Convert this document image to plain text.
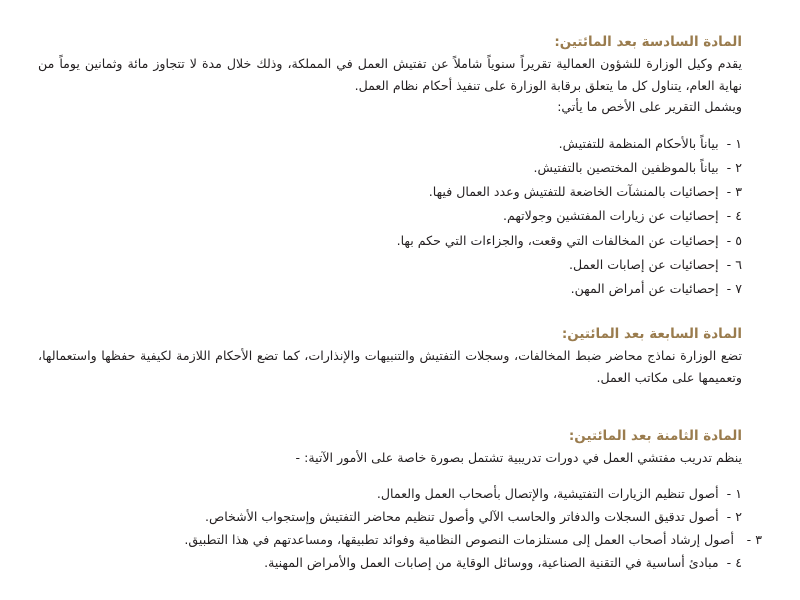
المادة السادسة بعد المائتين:

يقدم وكيل الوزارة للشؤون العمالية تقريراً سنوياً شاملاً عن تفتيش العمل في المملكة، وذلك خلال مدة لا تتجاوز مائة وثمانين يوماً من نهاية العام، يتناول كل ما يتعلق برقابة الوزارة على تنفيذ أحكام نظام العمل.
ويشمل التقرير على الأخص ما يأتي:

١ - بياناً بالأحكام المنظمة للتفتيش.
٢ - بياناً بالموظفين المختصين بالتفتيش.
٣ - إحصائيات بالمنشآت الخاضعة للتفتيش وعدد العمال فيها.
٤ - إحصائيات عن زيارات المفتشين وجولاتهم.
٥ - إحصائيات عن المخالفات التي وقعت، والجزاءات التي حكم بها.
٦ - إحصائيات عن إصابات العمل.
٧ - إحصائيات عن أمراض المهن.
المادة السابعة بعد المائتين:

تضع الوزارة نماذج محاضر ضبط المخالفات، وسجلات التفتيش والتنبيهات والإنذارات، كما تضع الأحكام اللازمة لكيفية حفظها واستعمالها، وتعميمها على مكاتب العمل.

المادة الثامنة بعد المائتين:

ينظم تدريب مفتشي العمل في دورات تدريبية تشتمل بصورة خاصة على الأمور الآتية: -

١ - أصول تنظيم الزيارات التفتيشية، والإتصال بأصحاب العمل والعمال.
٢ - أصول تدقيق السجلات والدفاتر والحاسب الآلي وأصول تنظيم محاضر التفتيش وإستجواب الأشخاص.
٣ - أصول إرشاد أصحاب العمل إلى مستلزمات النصوص النظامية وفوائد تطبيقها، ومساعدتهم في هذا التطبيق.
٤ - مبادئ أساسية في التقنية الصناعية، ووسائل الوقاية من إصابات العمل والأمراض المهنية.
